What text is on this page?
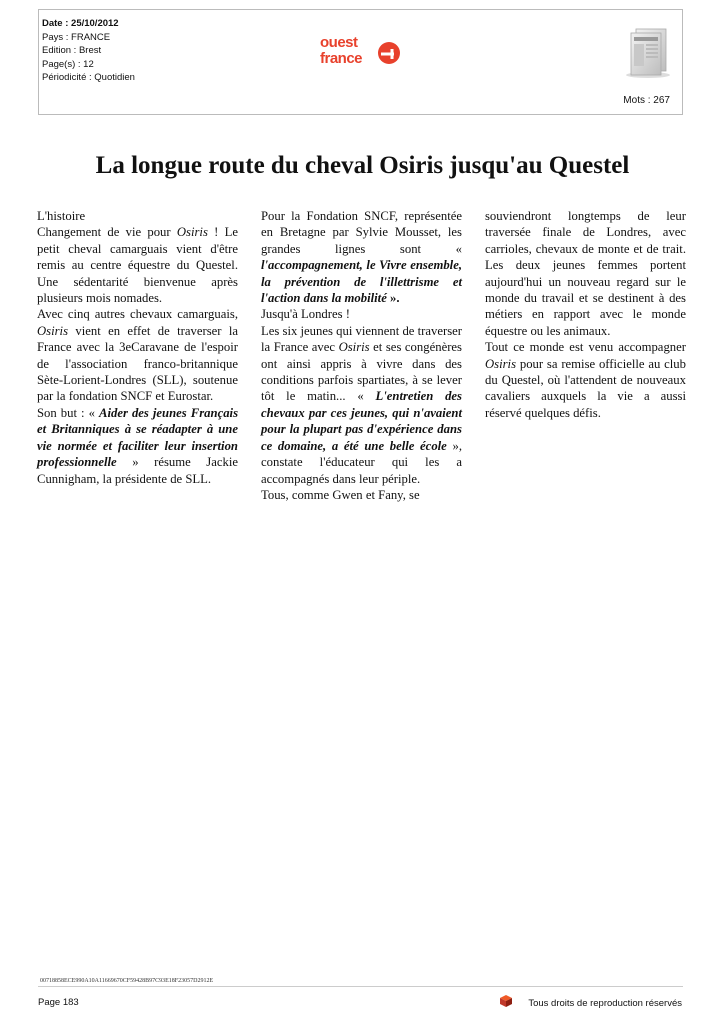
Date : 25/10/2012
Pays : FRANCE
Edition : Brest
Page(s) : 12
Périodicité : Quotidien
ouest
france
Mots : 267
La longue route du cheval Osiris jusqu'au Questel

L'histoire

Changement de vie pour Osiris ! Le petit cheval camarguais vient d'être remis au centre équestre du Questel. Une sédentarité bienvenue après plusieurs mois nomades.

Avec cinq autres chevaux camarguais, Osiris vient en effet de traverser la France avec la 3eCaravane de l'espoir de l'association franco-britannique Sète-Lorient-Londres (SLL), soutenue par la fondation SNCF et Eurostar.

Son but : « Aider des jeunes Français et Britanniques à se réadapter à une vie normée et faciliter leur insertion professionnelle » résume Jackie Cunnigham, la présidente de SLL.

Pour la Fondation SNCF, représentée en Bretagne par Sylvie Mousset, les grandes lignes sont « l'accompagnement, le Vivre ensemble, la prévention de l'illettrisme et l'action dans la mobilité ».

Jusqu'à Londres !

Les six jeunes qui viennent de traverser la France avec Osiris et ses congénères ont ainsi appris à vivre dans des conditions parfois spartiates, à se lever tôt le matin... « L'entretien des chevaux par ces jeunes, qui n'avaient pour la plupart pas d'expérience dans ce domaine, a été une belle école », constate l'éducateur qui les a accompagnés dans leur périple.

Tous, comme Gwen et Fany, se

souviendront longtemps de leur traversée finale de Londres, avec carrioles, chevaux de monte et de trait. Les deux jeunes femmes portent aujourd'hui un nouveau regard sur le monde du travail et se destinent à des métiers en rapport avec le monde équestre ou les animaux.

Tout ce monde est venu accompagner Osiris pour sa remise officielle au club du Questel, où l'attendent de nouveaux cavaliers auxquels la vie a aussi réservé quelques défis.

00718858ECE990A10A11669670CF59428B97C93E18F23057D2912E
Page 183	Tous droits de reproduction réservés
